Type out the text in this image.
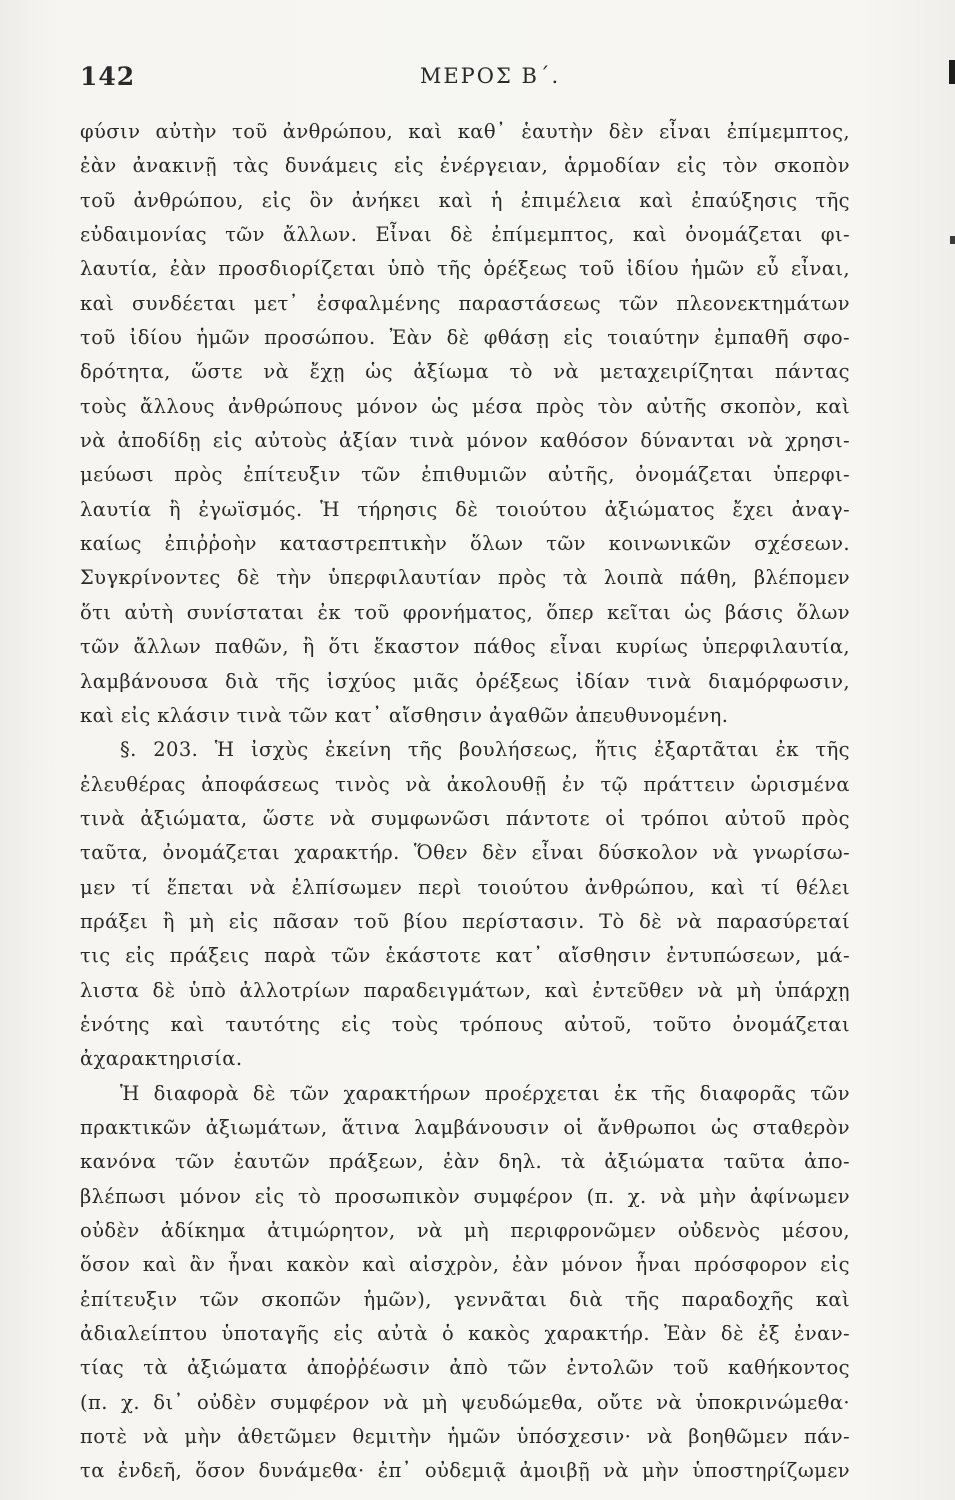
142	ΜΕΡΟΣ Β΄.
φύσιν αὐτὴν τοῦ ἀνθρώπου, καὶ καθ᾽ ἑαυτὴν δὲν εἶναι ἐπίμεμπτος,
ἐὰν ἀνακινῇ τὰς δυνάμεις εἰς ἐνέργειαν, ἁρμοδίαν εἰς τὸν σκοπὸν
τοῦ ἀνθρώπου, εἰς ὃν ἀνήκει καὶ ἡ ἐπιμέλεια καὶ ἐπαύξησις τῆς
εὐδαιμονίας τῶν ἄλλων. Εἶναι δὲ ἐπίμεμπτος, καὶ ὀνομάζεται φι-
λαυτία, ἐὰν προσδιορίζεται ὑπὸ τῆς ὀρέξεως τοῦ ἰδίου ἡμῶν εὖ εἶναι,
καὶ συνδέεται μετ᾽ ἐσφαλμένης παραστάσεως τῶν πλεονεκτημάτων
τοῦ ἰδίου ἡμῶν προσώπου. Ἐὰν δὲ φθάσῃ εἰς τοιαύτην ἐμπαθῆ σφο-
δρότητα, ὥστε νὰ ἔχῃ ὡς ἀξίωμα τὸ νὰ μεταχειρίζηται πάντας
τοὺς ἄλλους ἀνθρώπους μόνον ὡς μέσα πρὸς τὸν αὐτῆς σκοπὸν, καὶ
νὰ ἀποδίδῃ εἰς αὐτοὺς ἀξίαν τινὰ μόνον καθόσον δύνανται νὰ χρησι-
μεύωσι πρὸς ἐπίτευξιν τῶν ἐπιθυμιῶν αὐτῆς, ὀνομάζεται ὑπερφι-
λαυτία ἢ ἐγωϊσμός. Ἡ τήρησις δὲ τοιούτου ἀξιώματος ἔχει ἀναγ-
καίως ἐπιῤῥοὴν καταστρεπτικὴν ὅλων τῶν κοινωνικῶν σχέσεων.
Συγκρίνοντες δὲ τὴν ὑπερφιλαυτίαν πρὸς τὰ λοιπὰ πάθη, βλέπομεν
ὅτι αὐτὴ συνίσταται ἐκ τοῦ φρονήματος, ὅπερ κεῖται ὡς βάσις ὅλων
τῶν ἄλλων παθῶν, ἢ ὅτι ἕκαστον πάθος εἶναι κυρίως ὑπερφιλαυτία,
λαμβάνουσα διὰ τῆς ἰσχύος μιᾶς ὀρέξεως ἰδίαν τινὰ διαμόρφωσιν,
καὶ εἰς κλάσιν τινὰ τῶν κατ᾽ αἴσθησιν ἀγαθῶν ἀπευθυνομένη.
§. 203. Ἡ ἰσχὺς ἐκείνη τῆς βουλήσεως, ἥτις ἐξαρτᾶται ἐκ τῆς
ἐλευθέρας ἀποφάσεως τινὸς νὰ ἀκολουθῇ ἐν τῷ πράττειν ὡρισμένα
τινὰ ἀξιώματα, ὥστε νὰ συμφωνῶσι πάντοτε οἱ τρόποι αὐτοῦ πρὸς
ταῦτα, ὀνομάζεται χαρακτήρ. Ὅθεν δὲν εἶναι δύσκολον νὰ γνωρίσω-
μεν τί ἕπεται νὰ ἐλπίσωμεν περὶ τοιούτου ἀνθρώπου, καὶ τί θέλει
πράξει ἢ μὴ εἰς πᾶσαν τοῦ βίου περίστασιν. Τὸ δὲ νὰ παρασύρεταί
τις εἰς πράξεις παρὰ τῶν ἑκάστοτε κατ᾽ αἴσθησιν ἐντυπώσεων, μά-
λιστα δὲ ὑπὸ ἀλλοτρίων παραδειγμάτων, καὶ ἐντεῦθεν νὰ μὴ ὑπάρχῃ
ἑνότης καὶ ταυτότης εἰς τοὺς τρόπους αὐτοῦ, τοῦτο ὀνομάζεται
ἀχαρακτηρισία.
Ἡ διαφορὰ δὲ τῶν χαρακτήρων προέρχεται ἐκ τῆς διαφορᾶς τῶν
πρακτικῶν ἀξιωμάτων, ἅτινα λαμβάνουσιν οἱ ἄνθρωποι ὡς σταθερὸν
κανόνα τῶν ἑαυτῶν πράξεων, ἐὰν δηλ. τὰ ἀξιώματα ταῦτα ἀπο-
βλέπωσι μόνον εἰς τὸ προσωπικὸν συμφέρον (π. χ. νὰ μὴν ἀφίνωμεν
οὐδὲν ἀδίκημα ἀτιμώρητον, νὰ μὴ περιφρονῶμεν οὐδενὸς μέσου,
ὅσον καὶ ἂν ἦναι κακὸν καὶ αἰσχρὸν, ἐὰν μόνον ἦναι πρόσφορον εἰς
ἐπίτευξιν τῶν σκοπῶν ἡμῶν), γεννᾶται διὰ τῆς παραδοχῆς καὶ
ἀδιαλείπτου ὑποταγῆς εἰς αὐτὰ ὁ κακὸς χαρακτήρ. Ἐὰν δὲ ἐξ ἐναν-
τίας τὰ ἀξιώματα ἀποῤῥέωσιν ἀπὸ τῶν ἐντολῶν τοῦ καθήκοντος
(π. χ. δι᾽ οὐδὲν συμφέρον νὰ μὴ ψευδώμεθα, οὔτε νὰ ὑποκρινώμεθα·
ποτὲ νὰ μὴν ἀθετῶμεν θεμιτὴν ἡμῶν ὑπόσχεσιν· νὰ βοηθῶμεν πάν-
τα ἐνδεῆ, ὅσον δυνάμεθα· ἐπ᾽ οὐδεμιᾷ ἀμοιβῇ νὰ μὴν ὑποστηρίζωμεν
